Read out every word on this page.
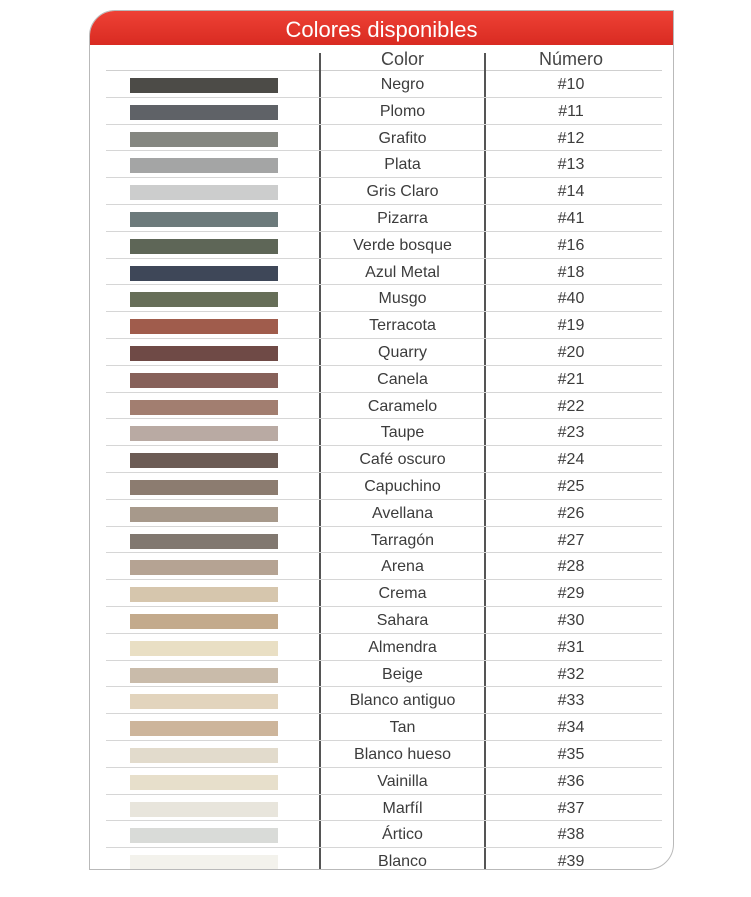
Colores disponibles
Color	Número
Negro	#10
Plomo	#11
Grafito	#12
Plata	#13
Gris Claro	#14
Pizarra	#41
Verde bosque	#16
Azul Metal	#18
Musgo	#40
Terracota	#19
Quarry	#20
Canela	#21
Caramelo	#22
Taupe	#23
Café oscuro	#24
Capuchino	#25
Avellana	#26
Tarragón	#27
Arena	#28
Crema	#29
Sahara	#30
Almendra	#31
Beige	#32
Blanco antiguo	#33
Tan	#34
Blanco hueso	#35
Vainilla	#36
Marfíl	#37
Ártico	#38
Blanco	#39
